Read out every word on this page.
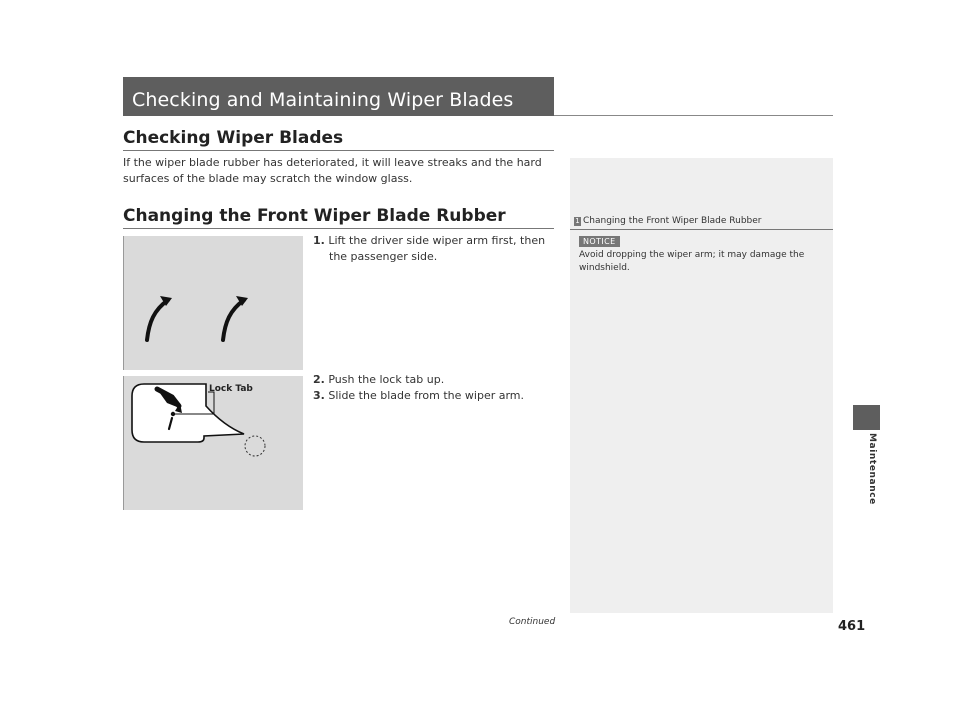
Checking and Maintaining Wiper Blades
Checking Wiper Blades
If the wiper blade rubber has deteriorated, it will leave streaks and the hard surfaces of the blade may scratch the window glass.
Changing the Front Wiper Blade Rubber
Lock Tab
1. Lift the driver side wiper arm first, then the passenger side.
2. Push the lock tab up.
3. Slide the blade from the wiper arm.
1 Changing the Front Wiper Blade Rubber
NOTICE
Avoid dropping the wiper arm; it may damage the windshield.
Maintenance
Continued	461
